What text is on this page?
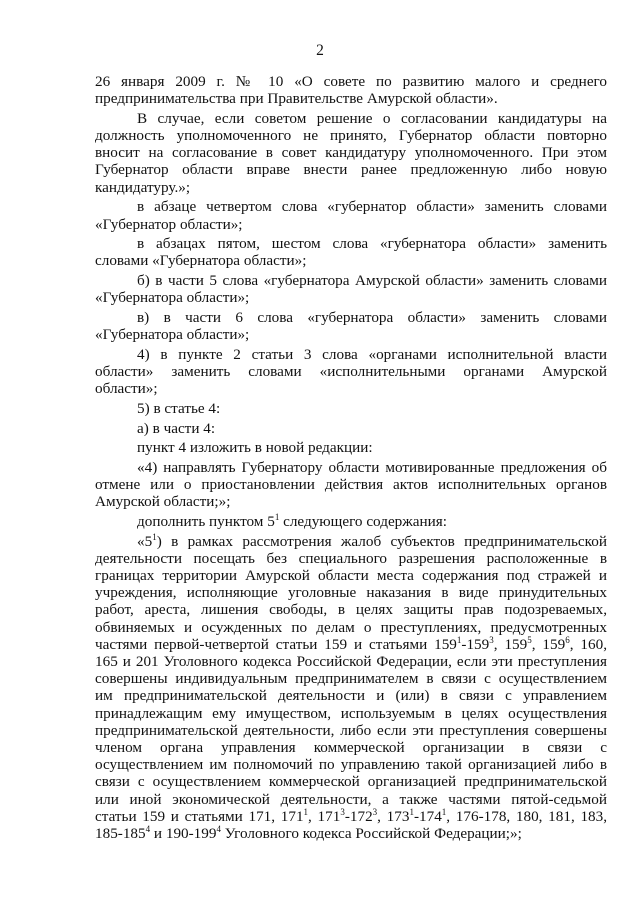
2
26 января 2009 г. № 10 «О совете по развитию малого и среднего
предпринимательства при Правительстве Амурской области».
В случае, если советом решение о согласовании кандидатуры на
должность уполномоченного не принято, Губернатор области повторно
вносит на согласование в совет кандидатуру уполномоченного. При этом
Губернатор области вправе внести ранее предложенную либо новую
кандидатуру.»;
в абзаце четвертом слова «губернатор области» заменить словами
«Губернатор области»;
в абзацах пятом, шестом слова «губернатора области» заменить
словами «Губернатора области»;
б) в части 5 слова «губернатора Амурской области» заменить словами
«Губернатора области»;
в) в части 6 слова «губернатора области» заменить словами
«Губернатора области»;
4) в пункте 2 статьи 3 слова «органами исполнительной власти
области» заменить словами «исполнительными органами Амурской
области»;
5) в статье 4:
а) в части 4:
пункт 4 изложить в новой редакции:
«4) направлять Губернатору области мотивированные предложения об
отмене или о приостановлении действия актов исполнительных органов
Амурской области;»;
дополнить пунктом $5^1$ следующего содержания:
«$5^1$) в рамках рассмотрения жалоб субъектов предпринимательской
деятельности посещать без специального разрешения расположенные в
границах территории Амурской области места содержания под стражей и
учреждения, исполняющие уголовные наказания в виде принудительных
работ, ареста, лишения свободы, в целях защиты прав подозреваемых,
обвиняемых и осужденных по делам о преступлениях, предусмотренных
частями первой-четвертой статьи 159 и статьями $159^1-159^3$, $159^5$, $159^6$, 160,
165 и 201 Уголовного кодекса Российской Федерации, если эти преступления
совершены индивидуальным предпринимателем в связи с осуществлением
им предпринимательской деятельности и (или) в связи с управлением
принадлежащим ему имуществом, используемым в целях осуществления
предпринимательской деятельности, либо если эти преступления совершены
членом органа управления коммерческой организации в связи с
осуществлением им полномочий по управлению такой организацией либо в
связи с осуществлением коммерческой организацией предпринимательской
или иной экономической деятельности, а также частями пятой-седьмой
статьи 159 и статьями 171, $171^1$, $171^3-172^3$, $173^1-174^1$, 176-178, 180, 181, 183,
$185-185^4$ и $190-199^4$ Уголовного кодекса Российской Федерации;»;
